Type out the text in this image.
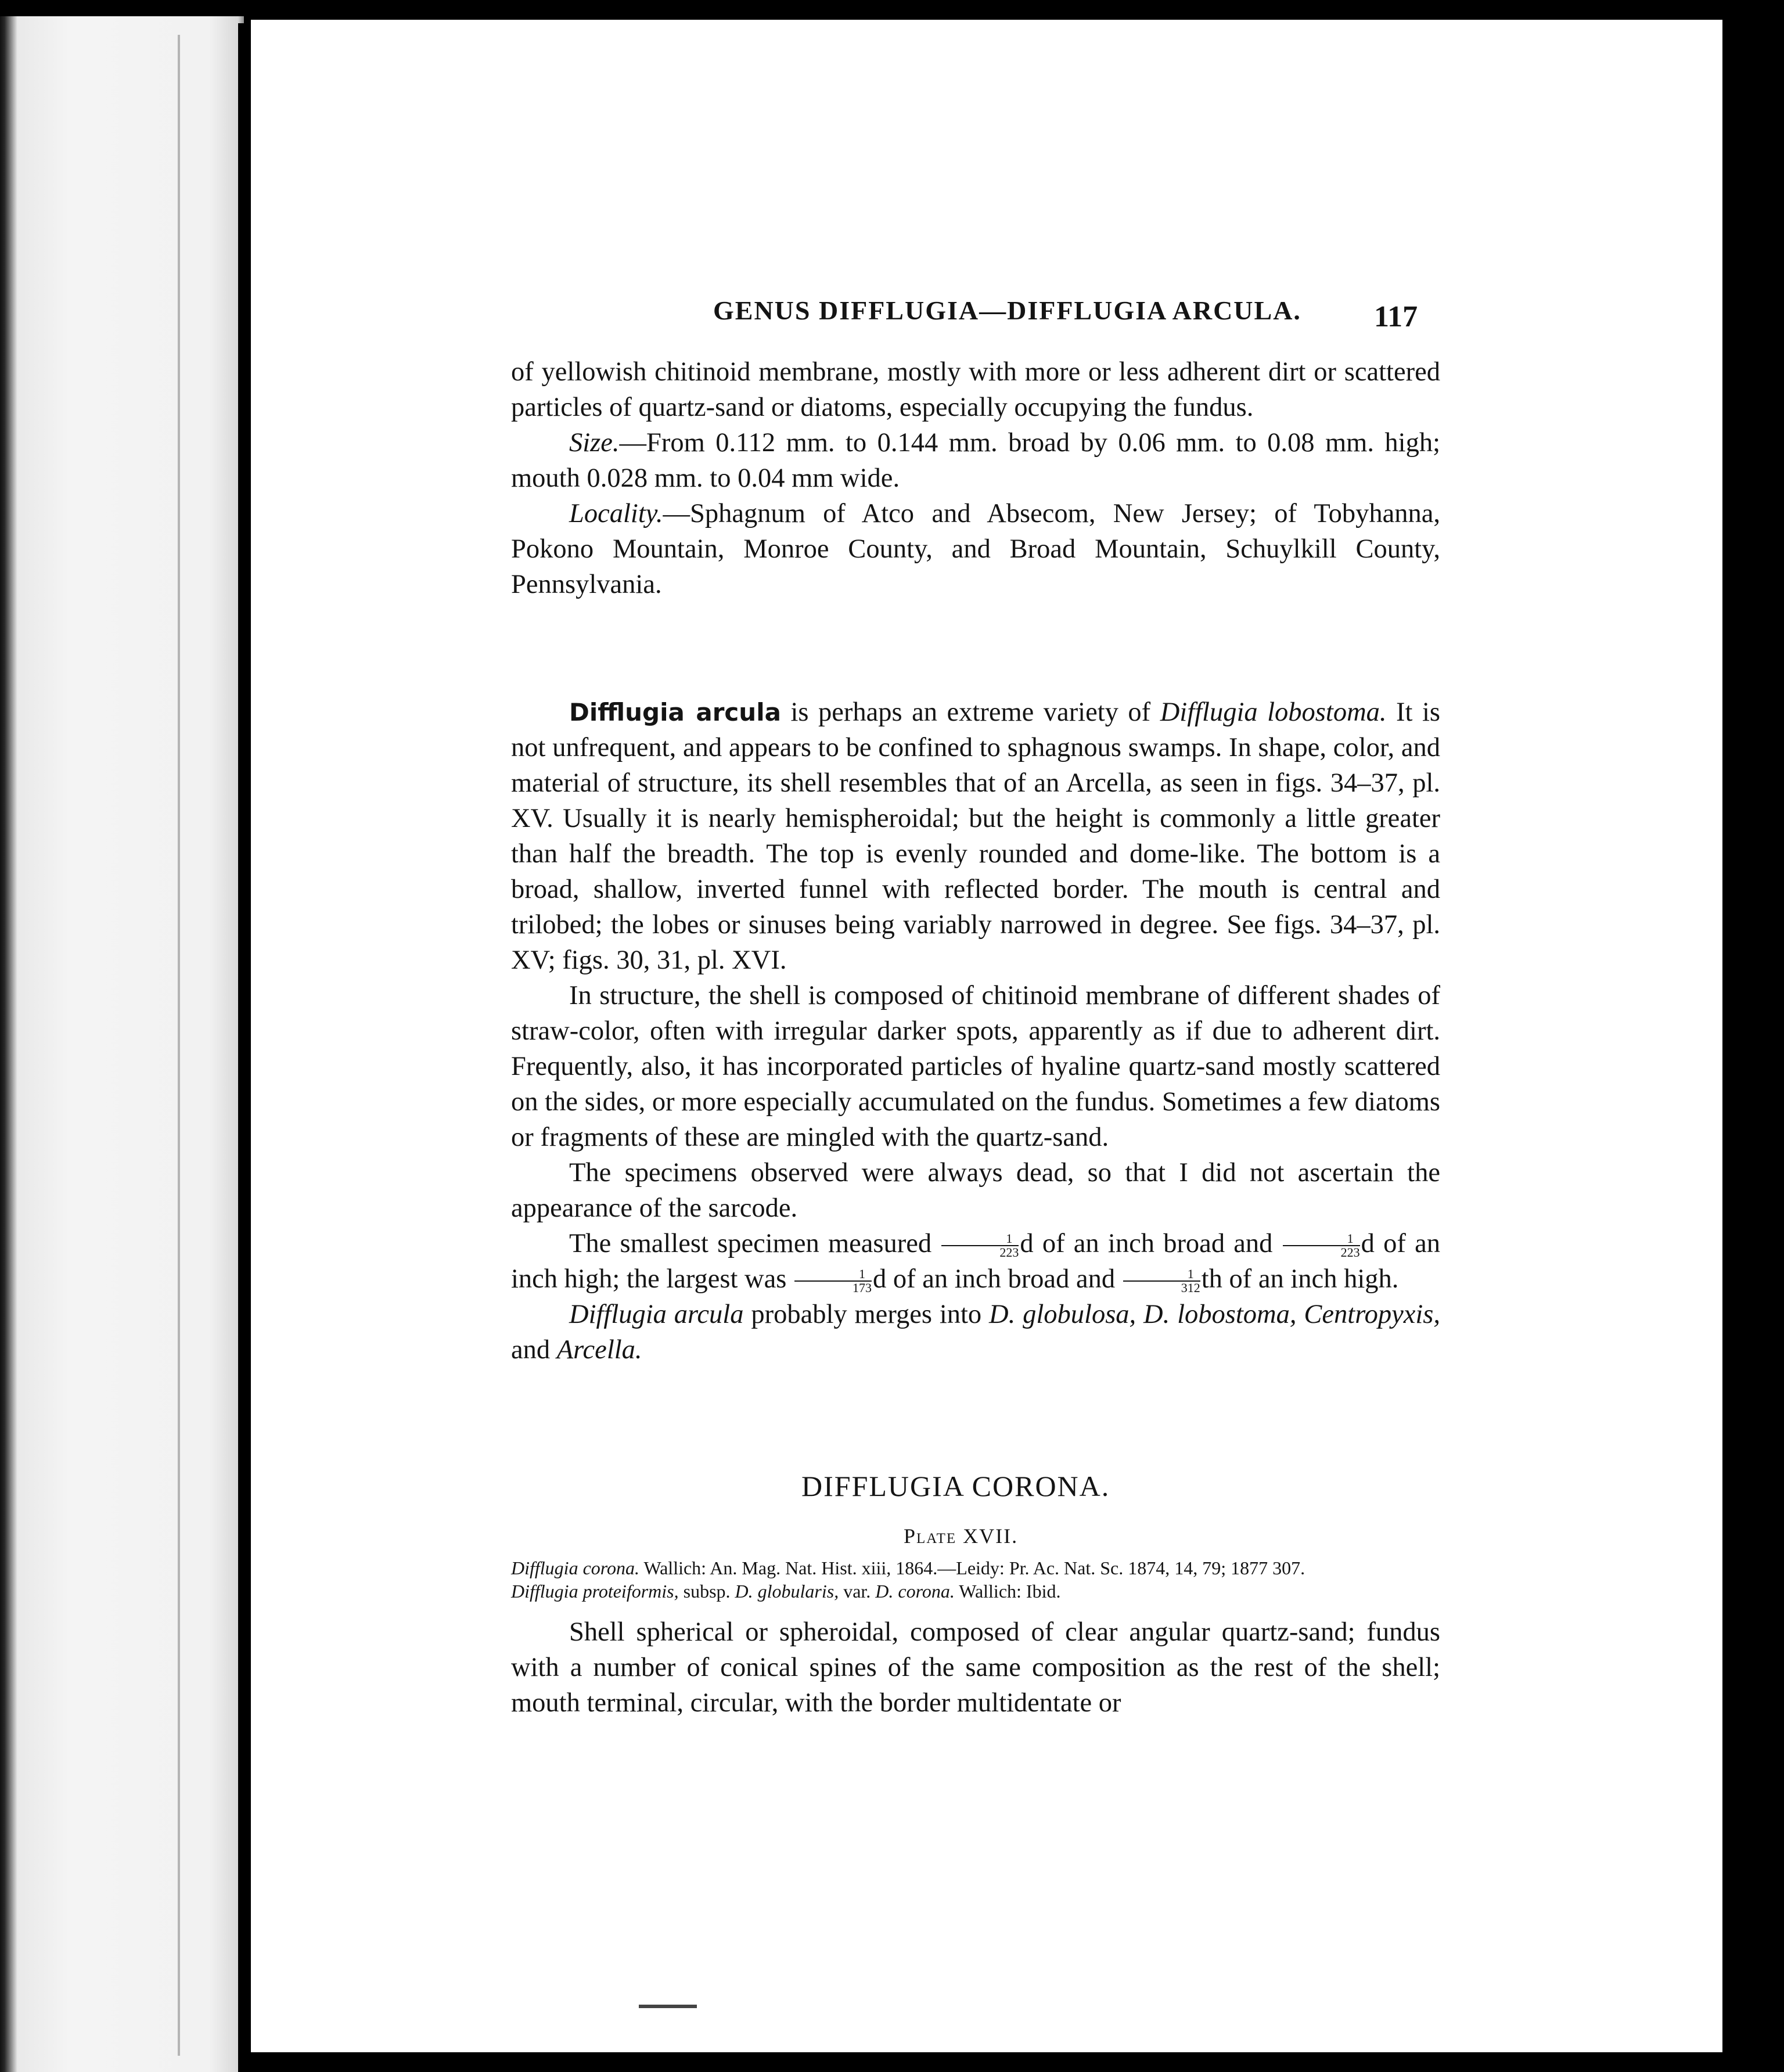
GENUS DIFFLUGIA—DIFFLUGIA ARCULA. 117

of yellowish chitinoid membrane, mostly with more or less adherent dirt or scattered particles of quartz-sand or diatoms, especially occupying the fundus.

Size.—From 0.112 mm. to 0.144 mm. broad by 0.06 mm. to 0.08 mm. high; mouth 0.028 mm. to 0.04 mm wide.

Locality.—Sphagnum of Atco and Absecom, New Jersey; of Tobyhanna, Pokono Mountain, Monroe County, and Broad Mountain, Schuylkill County, Pennsylvania.

Difflugia arcula is perhaps an extreme variety of Difflugia lobostoma. It is not unfrequent, and appears to be confined to sphagnous swamps. In shape, color, and material of structure, its shell resembles that of an Arcella, as seen in figs. 34–37, pl. XV. Usually it is nearly hemispheroidal; but the height is commonly a little greater than half the breadth. The top is evenly rounded and dome-like. The bottom is a broad, shallow, inverted funnel with reflected border. The mouth is central and trilobed; the lobes or sinuses being variably narrowed in degree. See figs. 34–37, pl. XV; figs. 30, 31, pl. XVI.

In structure, the shell is composed of chitinoid membrane of different shades of straw-color, often with irregular darker spots, apparently as if due to adherent dirt. Frequently, also, it has incorporated particles of hyaline quartz-sand mostly scattered on the sides, or more especially accumulated on the fundus. Sometimes a few diatoms or fragments of these are mingled with the quartz-sand.

The specimens observed were always dead, so that I did not ascertain the appearance of the sarcode.

The smallest specimen measured $\frac{1}{223}$ d of an inch broad and $\frac{1}{223}$ d of an inch high; the largest was $\frac{1}{173}$ d of an inch broad and $\frac{1}{312}$ th of an inch high.

Difflugia arcula probably merges into D. globulosa, D. lobostoma, Centropyxis, and Arcella.

DIFFLUGIA CORONA.
Plate XVII.

Difflugia corona. Wallich: An. Mag. Nat. Hist. xiii, 1864.—Leidy: Pr. Ac. Nat. Sc. 1874, 14, 79; 1877 307.

Difflugia proteiformis, subsp. D. globularis, var. D. corona. Wallich: Ibid.

Shell spherical or spheroidal, composed of clear angular quartz-sand; fundus with a number of conical spines of the same composition as the rest of the shell; mouth terminal, circular, with the border multidentate or
